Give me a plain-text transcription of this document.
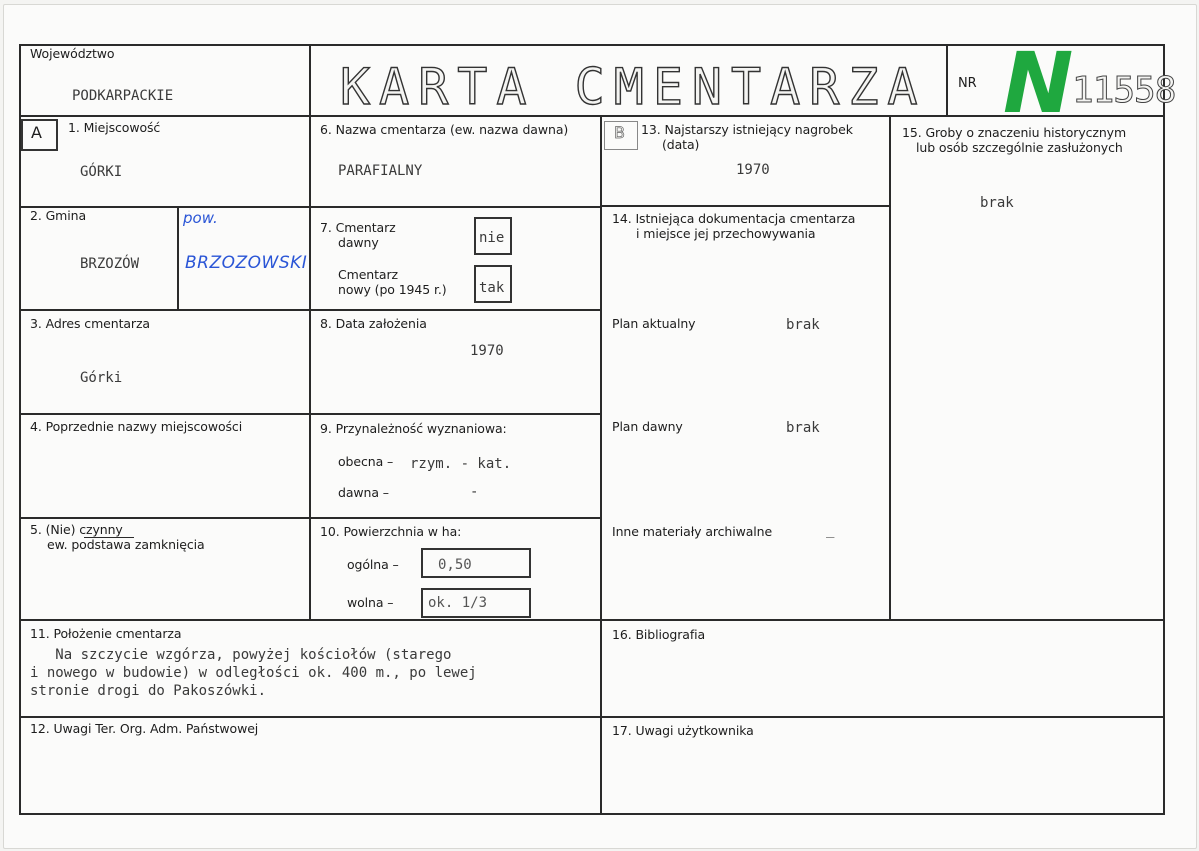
Województwo
PODKARPACKIE	KARTA CMENTARZA NR N
11558
A	B
1. Miejscowość
GÓRKI
2. Gmina
BRZOZÓW
pow.
BRZOZOWSKI
3. Adres cmentarza
Górki
4. Poprzednie nazwy miejscowości
5. (Nie) czynny
ew. podstawa zamknięcia
6. Nazwa cmentarza (ew. nazwa dawna)
PARAFIALNY
7. Cmentarz
dawny	nie
Cmentarz
nowy (po 1945 r.) tak
8. Data założenia
1970
9. Przynależność wyznaniowa:
obecna – rzym. - kat.
dawna –	-
10. Powierzchnia w ha:
ogólna –	0,50
wolna – ok. 1/3
11. Położenie cmentarza
Na szczycie wzgórza, powyżej kościołów (starego
i nowego w budowie) w odległości ok. 400 m., po lewej
stronie drogi do Pakoszówki.
12. Uwagi Ter. Org. Adm. Państwowej
13. Najstarszy istniejący nagrobek
(data)
1970
14. Istniejąca dokumentacja cmentarza
i miejsce jej przechowywania
Plan aktualny	brak
Plan dawny	brak
Inne materiały archiwalne	_
15. Groby o znaczeniu historycznym
lub osób szczególnie zasłużonych
brak
16. Bibliografia
17. Uwagi użytkownika
